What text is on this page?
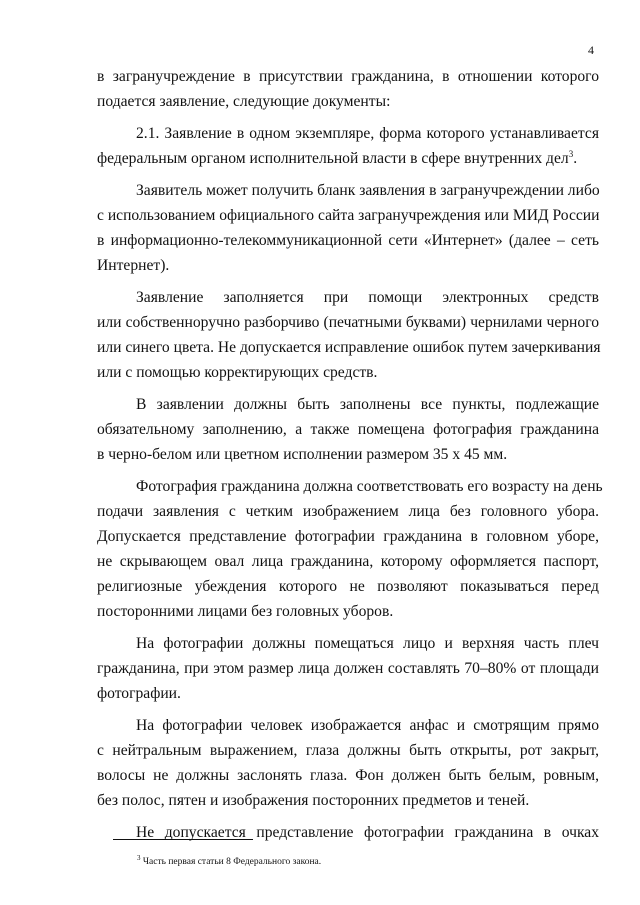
4
в загранучреждение в присутствии гражданина, в отношении которого
подается заявление, следующие документы:
2.1. Заявление в одном экземпляре, форма которого устанавливается
федеральным органом исполнительной власти в сфере внутренних дел$^3$.
Заявитель может получить бланк заявления в загранучреждении либо
с использованием официального сайта загранучреждения или МИД России
в информационно-телекоммуникационной сети «Интернет» (далее – сеть
Интернет).
Заявление заполняется при помощи электронных средств
или собственноручно разборчиво (печатными буквами) чернилами черного
или синего цвета. Не допускается исправление ошибок путем зачеркивания
или с помощью корректирующих средств.
В заявлении должны быть заполнены все пункты, подлежащие
обязательному заполнению, а также помещена фотография гражданина
в черно-белом или цветном исполнении размером 35 х 45 мм.
Фотография гражданина должна соответствовать его возрасту на день
подачи заявления с четким изображением лица без головного убора.
Допускается представление фотографии гражданина в головном уборе,
не скрывающем овал лица гражданина, которому оформляется паспорт,
религиозные убеждения которого не позволяют показываться перед
посторонними лицами без головных уборов.
На фотографии должны помещаться лицо и верхняя часть плеч
гражданина, при этом размер лица должен составлять 70–80% от площади
фотографии.
На фотографии человек изображается анфас и смотрящим прямо
с нейтральным выражением, глаза должны быть открыты, рот закрыт,
волосы не должны заслонять глаза. Фон должен быть белым, ровным,
без полос, пятен и изображения посторонних предметов и теней.
Не допускается представление фотографии гражданина в очках
$^3$ Часть первая статьи 8 Федерального закона.
